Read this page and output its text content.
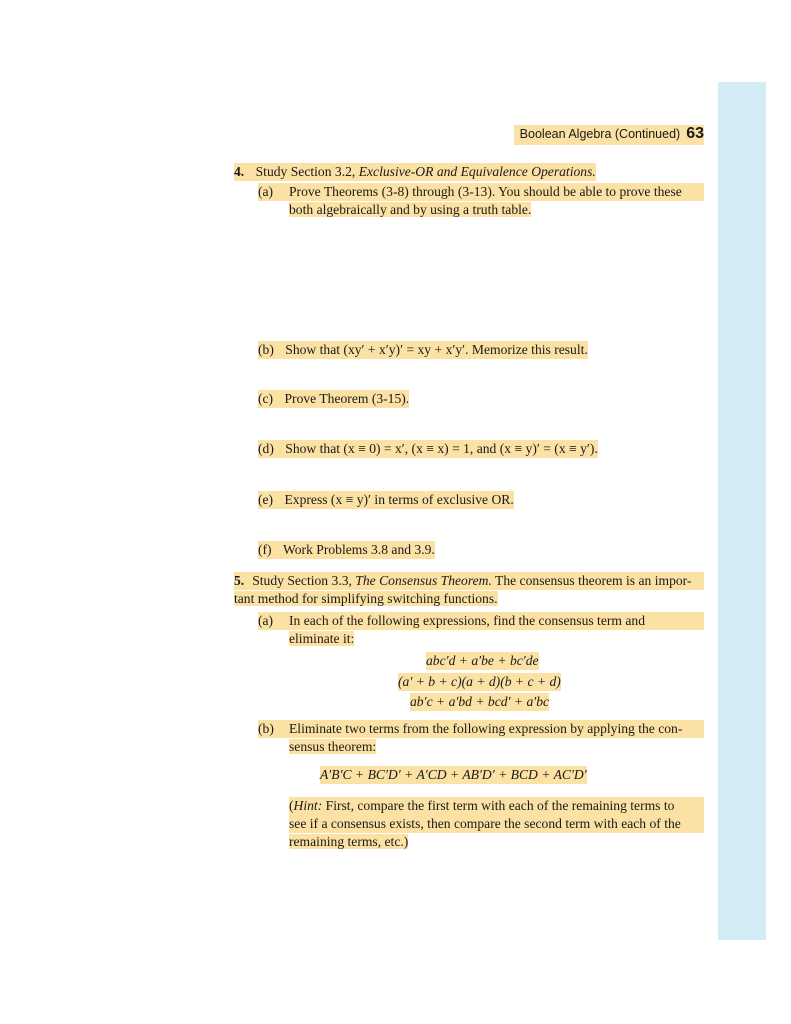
Boolean Algebra (Continued) 63
4. Study Section 3.2, Exclusive-OR and Equivalence Operations.
(a) Prove Theorems (3-8) through (3-13). You should be able to prove these

both algebraically and by using a truth table.
(b) Show that (xy′ + x′y)′ = xy + x′y′. Memorize this result.
(c) Prove Theorem (3-15).
(d) Show that (x ≡ 0) = x′, (x ≡ x) = 1, and (x ≡ y)′ = (x ≡ y′).
(e) Express (x ≡ y)′ in terms of exclusive OR.
(f) Work Problems 3.8 and 3.9.
5. Study Section 3.3, The Consensus Theorem. The consensus theorem is an impor-
tant method for simplifying switching functions.
(a) In each of the following expressions, find the consensus term and

eliminate it:
abc′d + a′be + bc′de
(a′ + b + c)(a + d)(b + c + d)
ab′c + a′bd + bcd′ + a′bc
(b) Eliminate two terms from the following expression by applying the con-

sensus theorem:
A′B′C + BC′D′ + A′CD + AB′D′ + BCD + AC′D′
(Hint: First, compare the first term with each of the remaining terms to
see if a consensus exists, then compare the second term with each of the
remaining terms, etc.)
